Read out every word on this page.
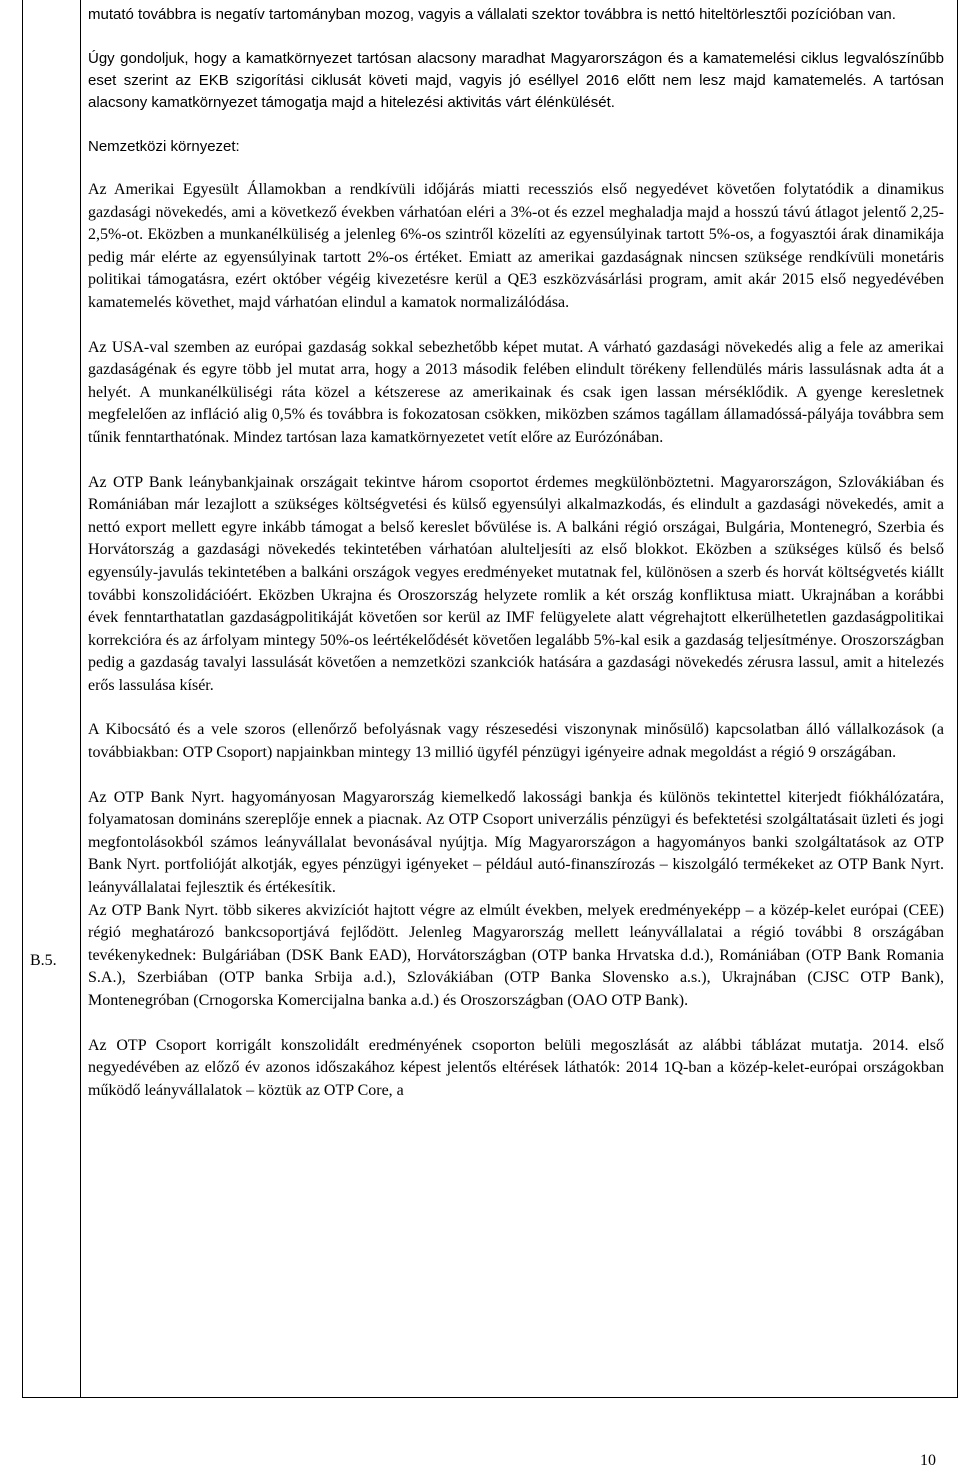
B.5.

mutató továbbra is negatív tartományban mozog, vagyis a vállalati szektor továbbra is nettó hiteltörlesztői pozícióban van.

Úgy gondoljuk, hogy a kamatkörnyezet tartósan alacsony maradhat Magyarországon és a kamatemelési ciklus legvalószínűbb eset szerint az EKB szigorítási ciklusát követi majd, vagyis jó eséllyel 2016 előtt nem lesz majd kamatemelés. A tartósan alacsony kamatkörnyezet támogatja majd a hitelezési aktivitás várt élénkülését.

Nemzetközi környezet:

Az Amerikai Egyesült Államokban a rendkívüli időjárás miatti recessziós első negyedévet követően folytatódik a dinamikus gazdasági növekedés, ami a következő években várhatóan eléri a 3%-ot és ezzel meghaladja majd a hosszú távú átlagot jelentő 2,25-2,5%-ot. Eközben a munkanélküliség a jelenleg 6%-os szintről közelíti az egyensúlyinak tartott 5%-os, a fogyasztói árak dinamikája pedig már elérte az egyensúlyinak tartott 2%-os értéket. Emiatt az amerikai gazdaságnak nincsen szüksége rendkívüli monetáris politikai támogatásra, ezért október végéig kivezetésre kerül a QE3 eszközvásárlási program, amit akár 2015 első negyedévében kamatemelés követhet, majd várhatóan elindul a kamatok normalizálódása.

Az USA-val szemben az európai gazdaság sokkal sebezhetőbb képet mutat. A várható gazdasági növekedés alig a fele az amerikai gazdaságénak és egyre több jel mutat arra, hogy a 2013 második felében elindult törékeny fellendülés máris lassulásnak adta át a helyét. A munkanélküliségi ráta közel a kétszerese az amerikainak és csak igen lassan mérséklődik. A gyenge keresletnek megfelelően az infláció alig 0,5% és továbbra is fokozatosan csökken, miközben számos tagállam államadóssá-pályája továbbra sem tűnik fenntarthatónak. Mindez tartósan laza kamatkörnyezetet vetít előre az Eurózónában.

Az OTP Bank leánybankjainak országait tekintve három csoportot érdemes megkülönböztetni. Magyarországon, Szlovákiában és Romániában már lezajlott a szükséges költségvetési és külső egyensúlyi alkalmazkodás, és elindult a gazdasági növekedés, amit a nettó export mellett egyre inkább támogat a belső kereslet bővülése is. A balkáni régió országai, Bulgária, Montenegró, Szerbia és Horvátország a gazdasági növekedés tekintetében várhatóan alulteljesíti az első blokkot. Eközben a szükséges külső és belső egyensúly-javulás tekintetében a balkáni országok vegyes eredményeket mutatnak fel, különösen a szerb és horvát költségvetés kiállt további konszolidációért. Eközben Ukrajna és Oroszország helyzete romlik a két ország konfliktusa miatt. Ukrajnában a korábbi évek fenntarthatatlan gazdaságpolitikáját követően sor kerül az IMF felügyelete alatt végrehajtott elkerülhetetlen gazdaságpolitikai korrekcióra és az árfolyam mintegy 50%-os leértékelődését követően legalább 5%-kal esik a gazdaság teljesítménye. Oroszországban pedig a gazdaság tavalyi lassulását követően a nemzetközi szankciók hatására a gazdasági növekedés zérusra lassul, amit a hitelezés erős lassulása kísér.

A Kibocsátó és a vele szoros (ellenőrző befolyásnak vagy részesedési viszonynak minősülő) kapcsolatban álló vállalkozások (a továbbiakban: OTP Csoport) napjainkban mintegy 13 millió ügyfél pénzügyi igényeire adnak megoldást a régió 9 országában.

Az OTP Bank Nyrt. hagyományosan Magyarország kiemelkedő lakossági bankja és különös tekintettel kiterjedt fiókhálózatára, folyamatosan domináns szereplője ennek a piacnak. Az OTP Csoport univerzális pénzügyi és befektetési szolgáltatásait üzleti és jogi megfontolásokból számos leányvállalat bevonásával nyújtja. Míg Magyarországon a hagyományos banki szolgáltatások az OTP Bank Nyrt. portfolióját alkotják, egyes pénzügyi igényeket – például autó-finanszírozás – kiszolgáló termékeket az OTP Bank Nyrt. leányvállalatai fejlesztik és értékesítik.

Az OTP Bank Nyrt. több sikeres akvizíciót hajtott végre az elmúlt években, melyek eredményeképp – a közép-kelet európai (CEE) régió meghatározó bankcsoportjává fejlődött. Jelenleg Magyarország mellett leányvállalatai a régió további 8 országában tevékenykednek: Bulgáriában (DSK Bank EAD), Horvátországban (OTP banka Hrvatska d.d.), Romániában (OTP Bank Romania S.A.), Szerbiában (OTP banka Srbija a.d.), Szlovákiában (OTP Banka Slovensko a.s.), Ukrajnában (CJSC OTP Bank), Montenegróban (Crnogorska Komercijalna banka a.d.) és Oroszországban (OAO OTP Bank).

Az OTP Csoport korrigált konszolidált eredményének csoporton belüli megoszlását az alábbi táblázat mutatja. 2014. első negyedévében az előző év azonos időszakához képest jelentős eltérések láthatók: 2014 1Q-ban a közép-kelet-európai országokban működő leányvállalatok – köztük az OTP Core, a

10
